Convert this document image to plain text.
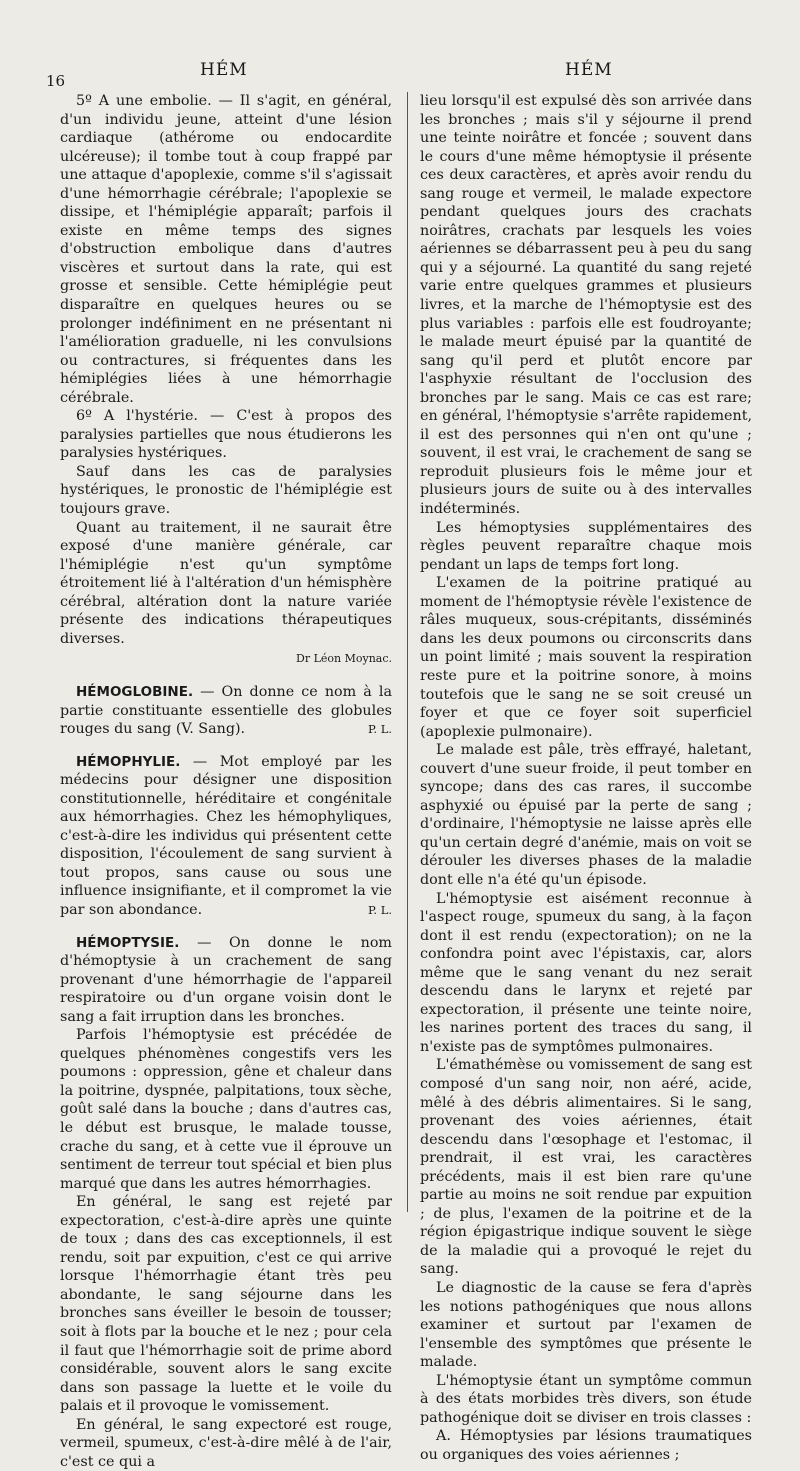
16
HÉM	HÉM

5º A une embolie. — Il s'agit, en général, d'un individu jeune, atteint d'une lésion cardiaque (athérome ou endocardite ulcéreuse); il tombe tout à coup frappé par une attaque d'apoplexie, comme s'il s'agissait d'une hémorrhagie cérébrale; l'apoplexie se dissipe, et l'hémiplégie apparaît; parfois il existe en même temps des signes d'obstruction embolique dans d'autres viscères et surtout dans la rate, qui est grosse et sensible. Cette hémiplégie peut disparaître en quelques heures ou se prolonger indéfiniment en ne présentant ni l'amélioration graduelle, ni les convulsions ou contractures, si fréquentes dans les hémiplégies liées à une hémorrhagie cérébrale.

6º A l'hystérie. — C'est à propos des paralysies partielles que nous étudierons les paralysies hystériques.

Sauf dans les cas de paralysies hystériques, le pronostic de l'hémiplégie est toujours grave.

Quant au traitement, il ne saurait être exposé d'une manière générale, car l'hémiplégie n'est qu'un symptôme étroitement lié à l'altération d'un hémisphère cérébral, altération dont la nature variée présente des indications thérapeutiques diverses.

Dr Léon Moynac.

HÉMOGLOBINE. — On donne ce nom à la partie constituante essentielle des globules rouges du sang (V. Sang).	P. L.

HÉMOPHYLIE. — Mot employé par les médecins pour désigner une disposition constitutionnelle, héréditaire et congénitale aux hémorrhagies. Chez les hémophyliques, c'est-à-dire les individus qui présentent cette disposition, l'écoulement de sang survient à tout propos, sans cause ou sous une influence insignifiante, et il compromet la vie par son abondance.	P. L.

HÉMOPTYSIE. — On donne le nom d'hémoptysie à un crachement de sang provenant d'une hémorrhagie de l'appareil respiratoire ou d'un organe voisin dont le sang a fait irruption dans les bronches.

Parfois l'hémoptysie est précédée de quelques phénomènes congestifs vers les poumons : oppression, gêne et chaleur dans la poitrine, dyspnée, palpitations, toux sèche, goût salé dans la bouche ; dans d'autres cas, le début est brusque, le malade tousse, crache du sang, et à cette vue il éprouve un sentiment de terreur tout spécial et bien plus marqué que dans les autres hémorrhagies.

En général, le sang est rejeté par expectoration, c'est-à-dire après une quinte de toux ; dans des cas exceptionnels, il est rendu, soit par expuition, c'est ce qui arrive lorsque l'hémorrhagie étant très peu abondante, le sang séjourne dans les bronches sans éveiller le besoin de tousser; soit à flots par la bouche et le nez ; pour cela il faut que l'hémorrhagie soit de prime abord considérable, souvent alors le sang excite dans son passage la luette et le voile du palais et il provoque le vomissement.

En général, le sang expectoré est rouge, vermeil, spumeux, c'est-à-dire mêlé à de l'air, c'est ce qui a

lieu lorsqu'il est expulsé dès son arrivée dans les bronches ; mais s'il y séjourne il prend une teinte noirâtre et foncée ; souvent dans le cours d'une même hémoptysie il présente ces deux caractères, et après avoir rendu du sang rouge et vermeil, le malade expectore pendant quelques jours des crachats noirâtres, crachats par lesquels les voies aériennes se débarrassent peu à peu du sang qui y a séjourné. La quantité du sang rejeté varie entre quelques grammes et plusieurs livres, et la marche de l'hémoptysie est des plus variables : parfois elle est foudroyante; le malade meurt épuisé par la quantité de sang qu'il perd et plutôt encore par l'asphyxie résultant de l'occlusion des bronches par le sang. Mais ce cas est rare; en général, l'hémoptysie s'arrête rapidement, il est des personnes qui n'en ont qu'une ; souvent, il est vrai, le crachement de sang se reproduit plusieurs fois le même jour et plusieurs jours de suite ou à des intervalles indéterminés.

Les hémoptysies supplémentaires des règles peuvent reparaître chaque mois pendant un laps de temps fort long.

L'examen de la poitrine pratiqué au moment de l'hémoptysie révèle l'existence de râles muqueux, sous-crépitants, disséminés dans les deux poumons ou circonscrits dans un point limité ; mais souvent la respiration reste pure et la poitrine sonore, à moins toutefois que le sang ne se soit creusé un foyer et que ce foyer soit superficiel (apoplexie pulmonaire).

Le malade est pâle, très effrayé, haletant, couvert d'une sueur froide, il peut tomber en syncope; dans des cas rares, il succombe asphyxié ou épuisé par la perte de sang ; d'ordinaire, l'hémoptysie ne laisse après elle qu'un certain degré d'anémie, mais on voit se dérouler les diverses phases de la maladie dont elle n'a été qu'un épisode.

L'hémoptysie est aisément reconnue à l'aspect rouge, spumeux du sang, à la façon dont il est rendu (expectoration); on ne la confondra point avec l'épistaxis, car, alors même que le sang venant du nez serait descendu dans le larynx et rejeté par expectoration, il présente une teinte noire, les narines portent des traces du sang, il n'existe pas de symptômes pulmonaires.

L'émathémèse ou vomissement de sang est composé d'un sang noir, non aéré, acide, mêlé à des débris alimentaires. Si le sang, provenant des voies aériennes, était descendu dans l'œsophage et l'estomac, il prendrait, il est vrai, les caractères précédents, mais il est bien rare qu'une partie au moins ne soit rendue par expuition ; de plus, l'examen de la poitrine et de la région épigastrique indique souvent le siège de la maladie qui a provoqué le rejet du sang.

Le diagnostic de la cause se fera d'après les notions pathogéniques que nous allons examiner et surtout par l'examen de l'ensemble des symptômes que présente le malade.

L'hémoptysie étant un symptôme commun à des états morbides très divers, son étude pathogénique doit se diviser en trois classes :

A. Hémoptysies par lésions traumatiques ou organiques des voies aériennes ;
